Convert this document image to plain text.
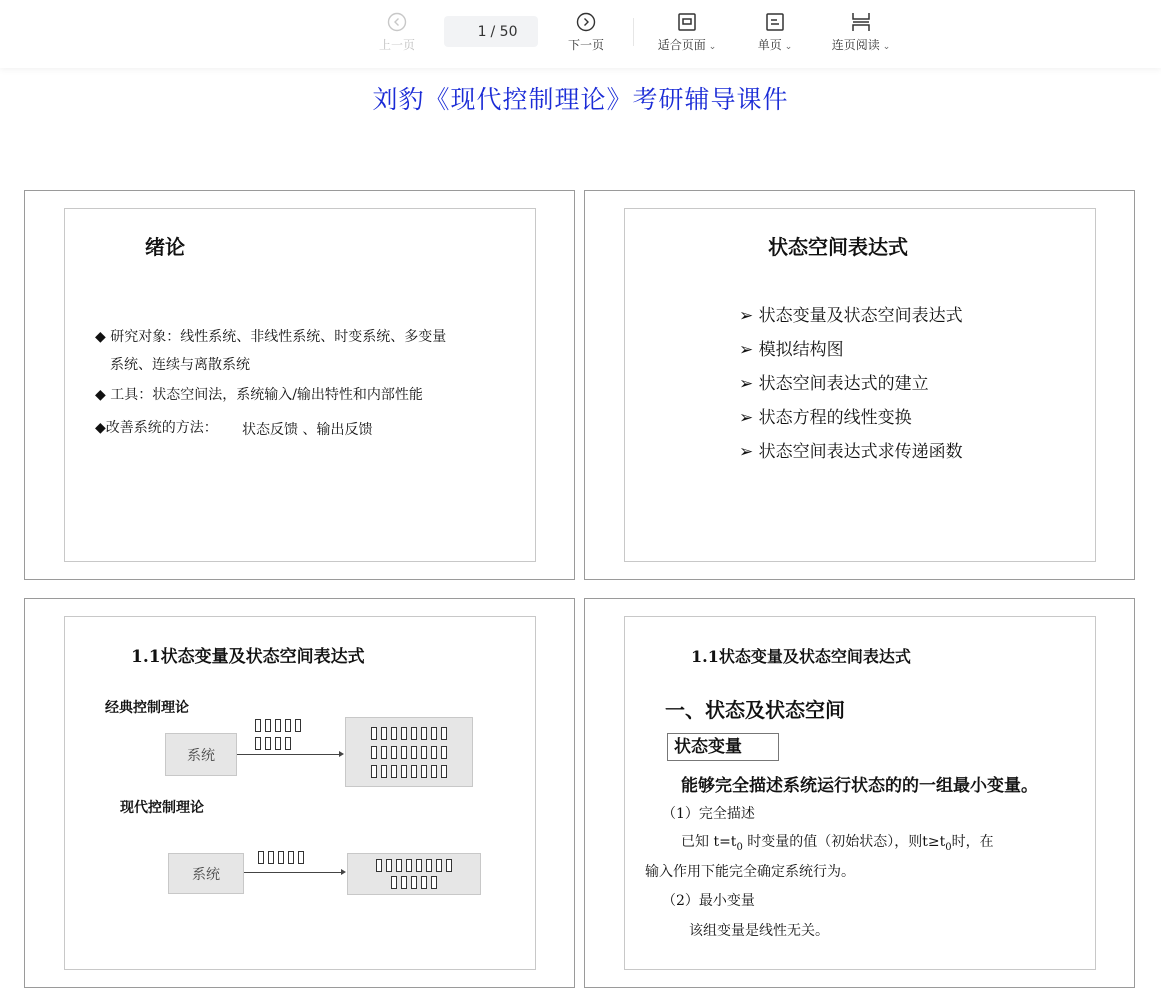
上一页
1
/ 50
下一页	适合页面 ⌄	单页 ⌄	连页阅读 ⌄
刘豹《现代控制理论》考研辅导课件
绪论
◆ 研究对象：线性系统、非线性系统、时变系统、多变量
系统、连续与离散系统
◆ 工具：状态空间法，系统输入/输出特性和内部性能
◆改善系统的方法： 状态反馈 、输出反馈
状态空间表达式
➢ 状态变量及状态空间表达式
➢ 模拟结构图
➢ 状态空间表达式的建立
➢ 状态方程的线性变换
➢ 状态空间表达式求传递函数
1.1状态变量及状态空间表达式
经典控制理论
系统
现代控制理论
系统
1.1状态变量及状态空间表达式
一、状态及状态空间
状态变量
能够完全描述系统运行状态的的一组最小变量。
（1）完全描述
已知 $t=t_0$ 时变量的值（初始状态），则$t\ge t_0$时，在
输入作用下能完全确定系统行为。
（2）最小变量
该组变量是线性无关。
